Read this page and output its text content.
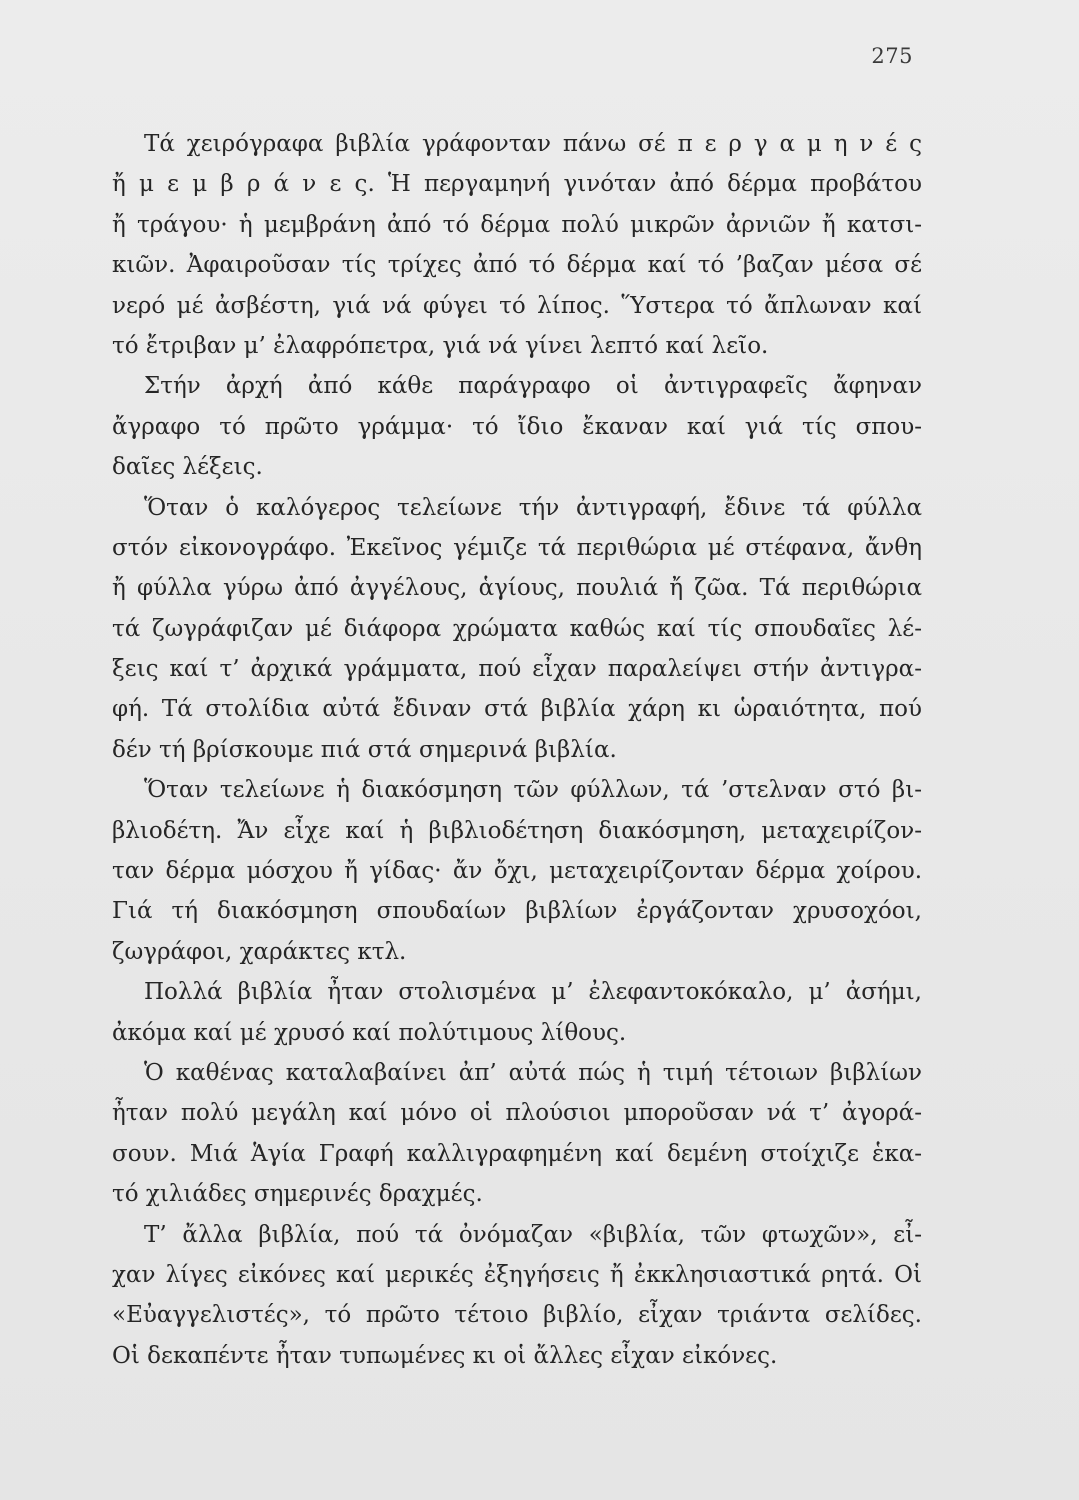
275
Τά χειρόγραφα βιβλία γράφονταν πάνω σέ π ε ρ γ α μ η ν έ ς
ἤ μ ε μ β ρ ά ν ε ς. Ἡ περγαμηνή γινόταν ἀπό δέρμα προβάτου
ἤ τράγου· ἡ μεμβράνη ἀπό τό δέρμα πολύ μικρῶν ἀρνιῶν ἤ κατσι-
κιῶν. Ἀφαιροῦσαν τίς τρίχες ἀπό τό δέρμα καί τό ’βαζαν μέσα σέ
νερό μέ ἀσβέστη, γιά νά φύγει τό λίπος. Ὕστερα τό ἄπλωναν καί
τό ἔτριβαν μ’ ἐλαφρόπετρα, γιά νά γίνει λεπτό καί λεῖο.
Στήν ἀρχή ἀπό κάθε παράγραφο οἱ ἀντιγραφεῖς ἄφηναν
ἄγραφο τό πρῶτο γράμμα· τό ἴδιο ἔκαναν καί γιά τίς σπου-
δαῖες λέξεις.
Ὅταν ὁ καλόγερος τελείωνε τήν ἀντιγραφή, ἔδινε τά φύλλα
στόν εἰκονογράφο. Ἐκεῖνος γέμιζε τά περιθώρια μέ στέφανα, ἄνθη
ἤ φύλλα γύρω ἀπό ἀγγέλους, ἁγίους, πουλιά ἤ ζῶα. Τά περιθώρια
τά ζωγράφιζαν μέ διάφορα χρώματα καθώς καί τίς σπουδαῖες λέ-
ξεις καί τ’ ἀρχικά γράμματα, πού εἶχαν παραλείψει στήν ἀντιγρα-
φή. Τά στολίδια αὐτά ἔδιναν στά βιβλία χάρη κι ὡραιότητα, πού
δέν τή βρίσκουμε πιά στά σημερινά βιβλία.
Ὅταν τελείωνε ἡ διακόσμηση τῶν φύλλων, τά ’στελναν στό βι-
βλιοδέτη. Ἄν εἶχε καί ἡ βιβλιοδέτηση διακόσμηση, μεταχειρίζον-
ταν δέρμα μόσχου ἤ γίδας· ἄν ὄχι, μεταχειρίζονταν δέρμα χοίρου.
Γιά τή διακόσμηση σπουδαίων βιβλίων ἐργάζονταν χρυσοχόοι,
ζωγράφοι, χαράκτες κτλ.
Πολλά βιβλία ἦταν στολισμένα μ’ ἐλεφαντοκόκαλο, μ’ ἀσήμι,
ἀκόμα καί μέ χρυσό καί πολύτιμους λίθους.
Ὁ καθένας καταλαβαίνει ἀπ’ αὐτά πώς ἡ τιμή τέτοιων βιβλίων
ἦταν πολύ μεγάλη καί μόνο οἱ πλούσιοι μποροῦσαν νά τ’ ἀγορά-
σουν. Μιά Ἁγία Γραφή καλλιγραφημένη καί δεμένη στοίχιζε ἑκα-
τό χιλιάδες σημερινές δραχμές.
Τ’ ἄλλα βιβλία, πού τά ὀνόμαζαν «βιβλία, τῶν φτωχῶν», εἶ-
χαν λίγες εἰκόνες καί μερικές ἐξηγήσεις ἤ ἐκκλησιαστικά ρητά. Οἱ
«Εὐαγγελιστές», τό πρῶτο τέτοιο βιβλίο, εἶχαν τριάντα σελίδες.
Οἱ δεκαπέντε ἦταν τυπωμένες κι οἱ ἄλλες εἶχαν εἰκόνες.
